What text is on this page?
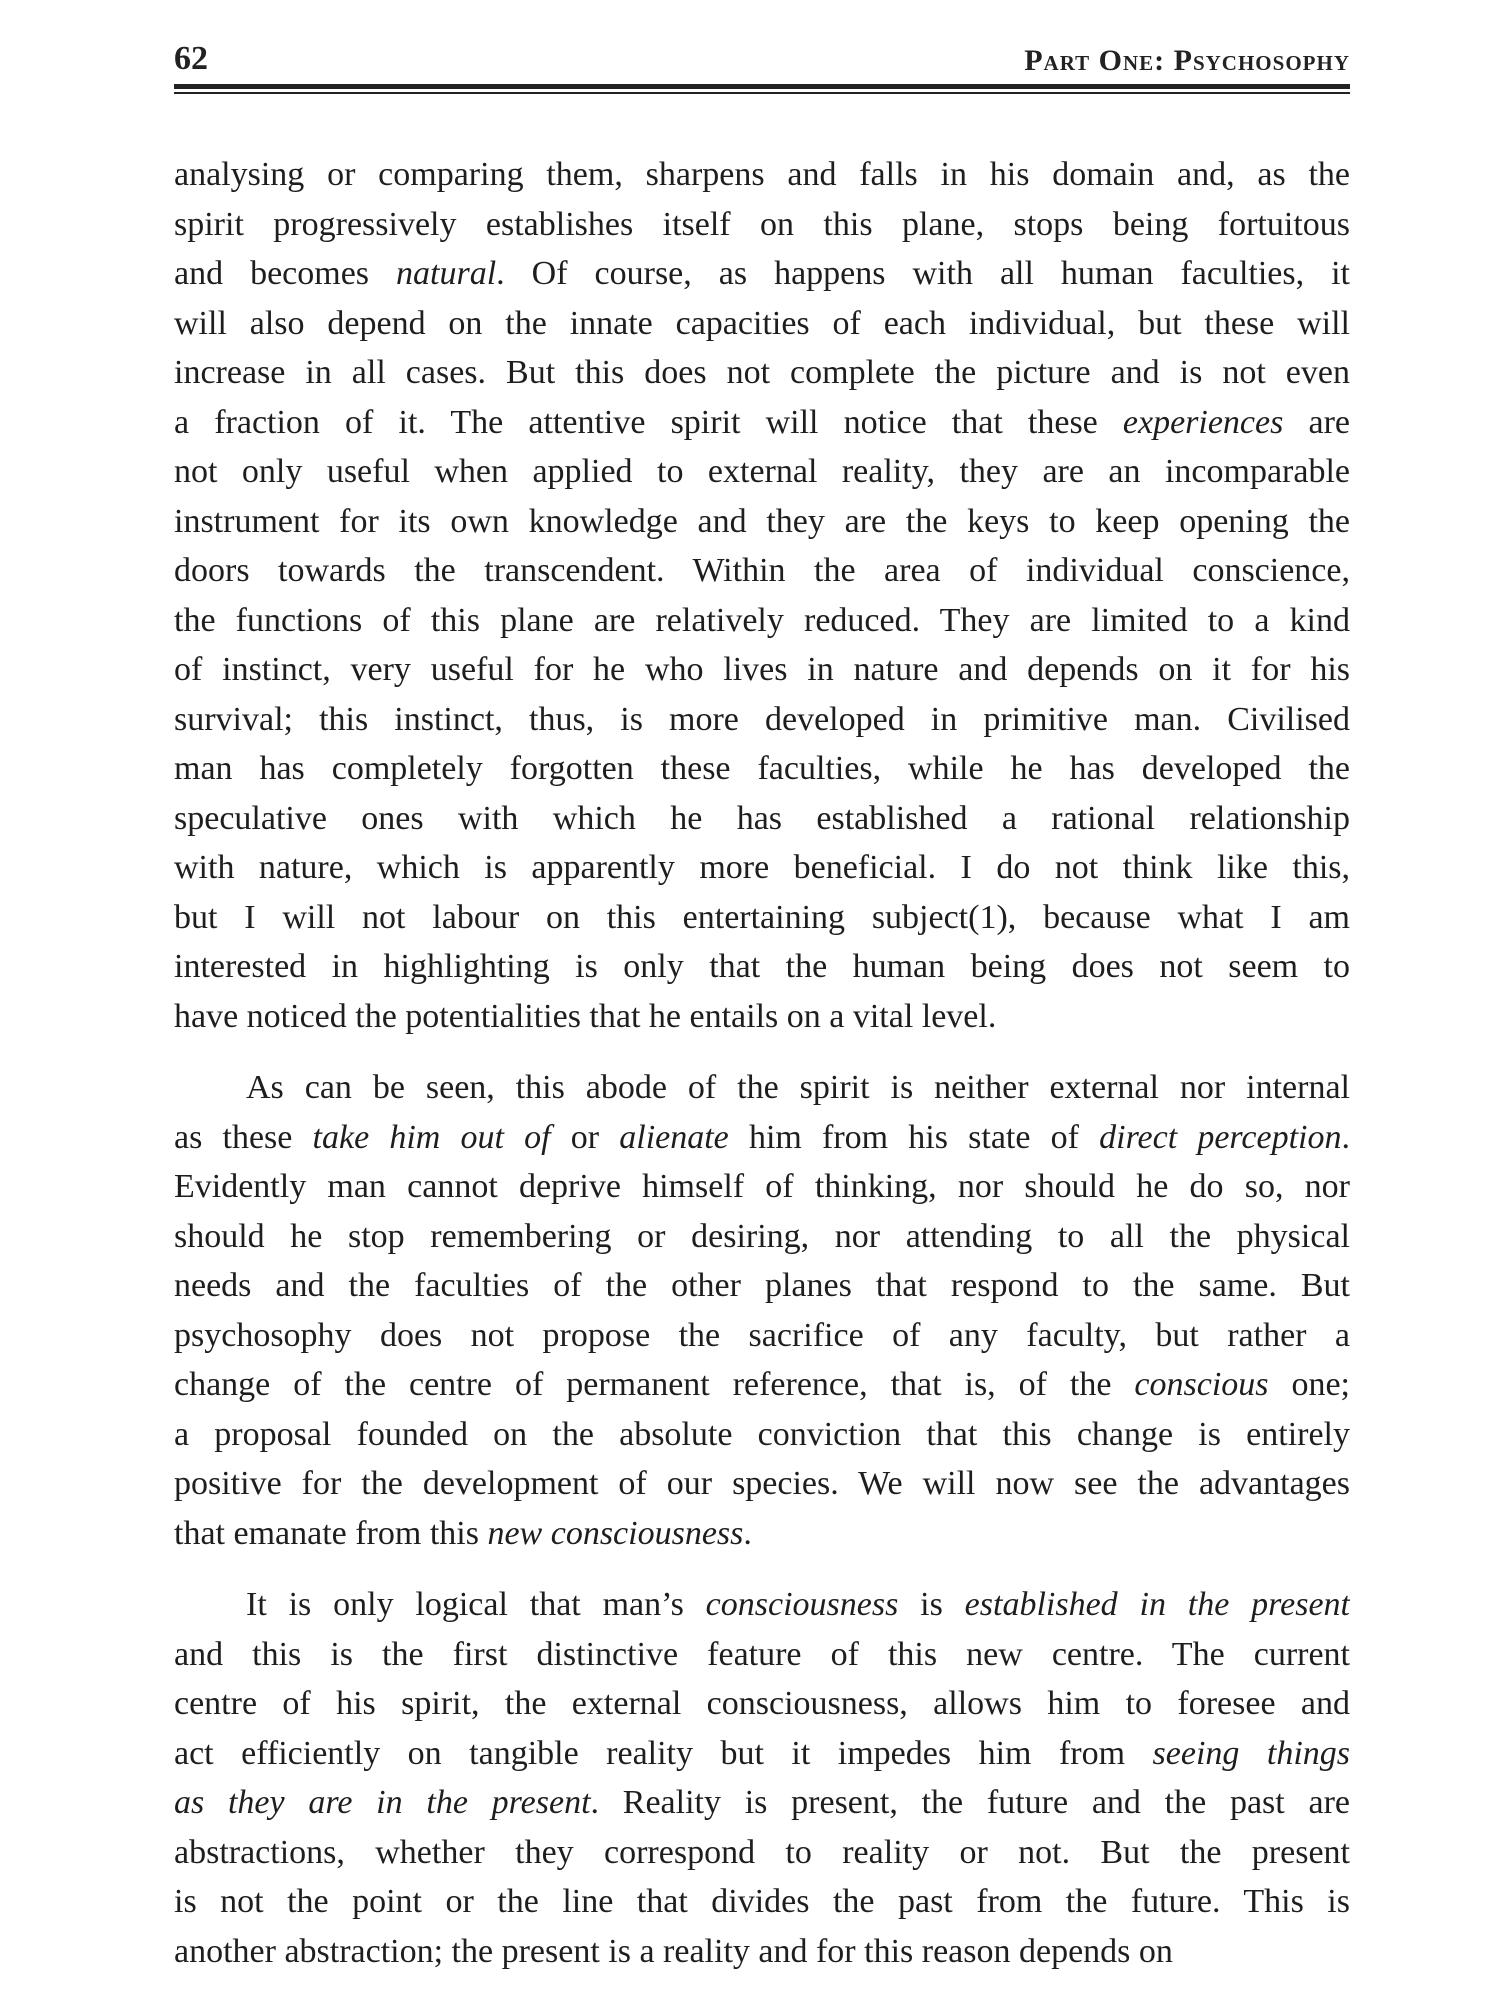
62	Part One: Psychosophy
analysing or comparing them, sharpens and falls in his domain and, as the
spirit progressively establishes itself on this plane, stops being fortuitous
and becomes natural. Of course, as happens with all human faculties, it
will also depend on the innate capacities of each individual, but these will
increase in all cases. But this does not complete the picture and is not even
a fraction of it. The attentive spirit will notice that these experiences are
not only useful when applied to external reality, they are an incomparable
instrument for its own knowledge and they are the keys to keep opening the
doors towards the transcendent. Within the area of individual conscience,
the functions of this plane are relatively reduced. They are limited to a kind
of instinct, very useful for he who lives in nature and depends on it for his
survival; this instinct, thus, is more developed in primitive man. Civilised
man has completely forgotten these faculties, while he has developed the
speculative ones with which he has established a rational relationship
with nature, which is apparently more beneficial. I do not think like this,
but I will not labour on this entertaining subject(1), because what I am
interested in highlighting is only that the human being does not seem to
have noticed the potentialities that he entails on a vital level.
As can be seen, this abode of the spirit is neither external nor internal
as these take him out of or alienate him from his state of direct perception.
Evidently man cannot deprive himself of thinking, nor should he do so, nor
should he stop remembering or desiring, nor attending to all the physical
needs and the faculties of the other planes that respond to the same. But
psychosophy does not propose the sacrifice of any faculty, but rather a
change of the centre of permanent reference, that is, of the conscious one;
a proposal founded on the absolute conviction that this change is entirely
positive for the development of our species. We will now see the advantages
that emanate from this new consciousness.
It is only logical that man’s consciousness is established in the present
and this is the first distinctive feature of this new centre. The current
centre of his spirit, the external consciousness, allows him to foresee and
act efficiently on tangible reality but it impedes him from seeing things
as they are in the present. Reality is present, the future and the past are
abstractions, whether they correspond to reality or not. But the present
is not the point or the line that divides the past from the future. This is
another abstraction; the present is a reality and for this reason depends on
